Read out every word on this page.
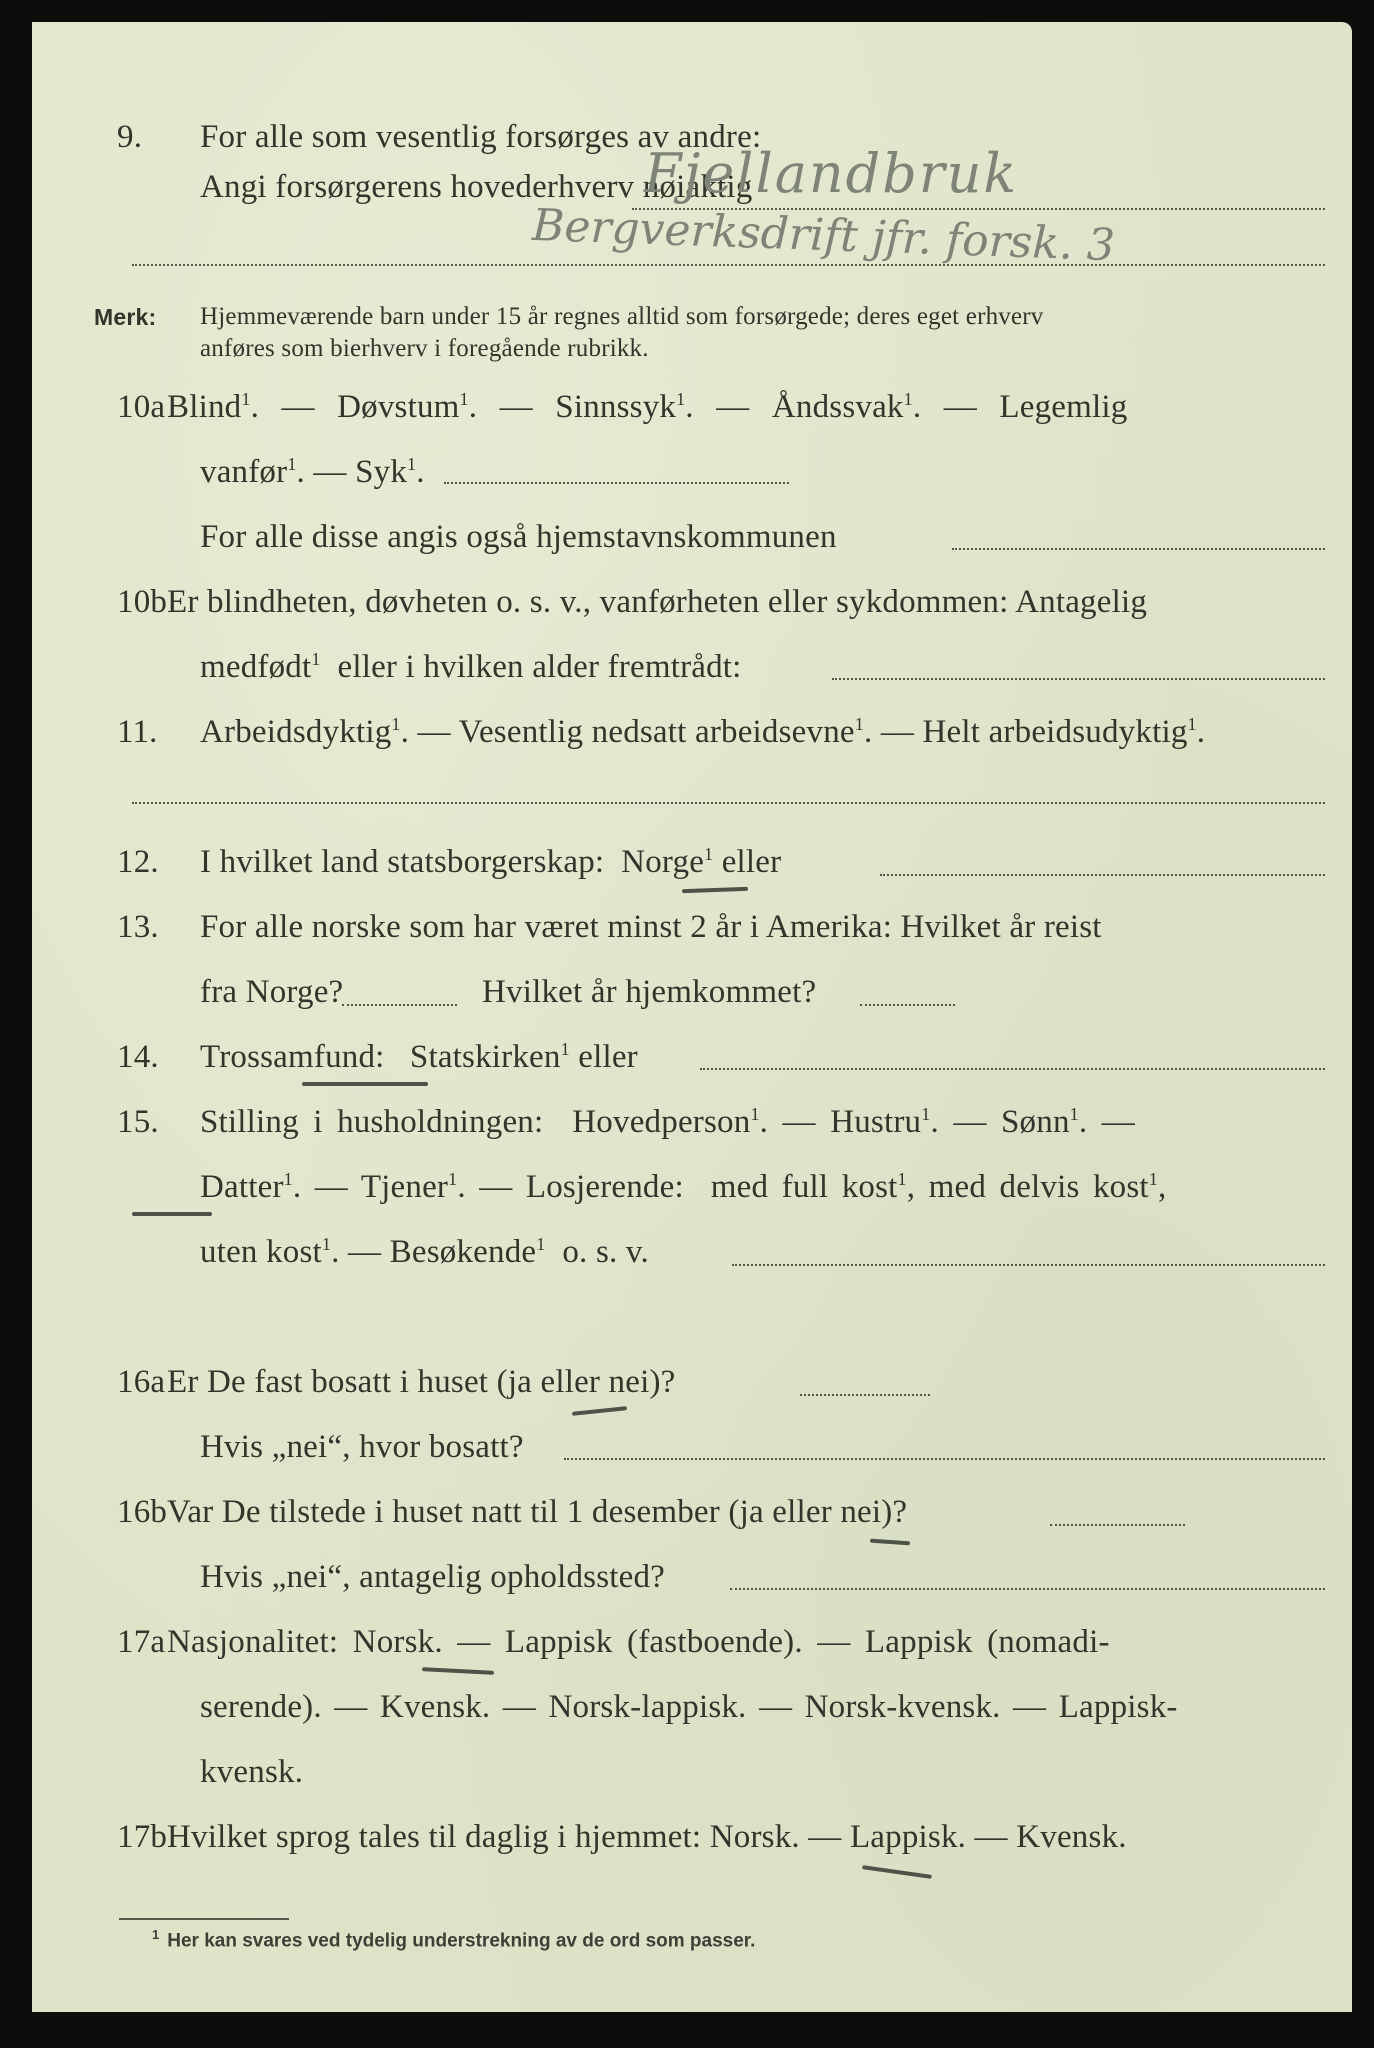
9. For alle som vesentlig forsørges av andre:
Angi forsørgerens hovederhverv nøiaktig
Fjellandbruk
Bergverksdrift jfr. forsk. 3
Merk: Hjemmeværende barn under 15 år regnes alltid som forsørgede; deres eget erhverv
anføres som bierhverv i foregående rubrikk.
10a Blind$^1$. — Døvstum$^1$. — Sinnssyk$^1$. — Åndssvak$^1$. — Legemlig
vanfør$^1$. — Syk$^1$.
For alle disse angis også hjemstavnskommunen
10b Er blindheten, døvheten o. s. v., vanførheten eller sykdommen: Antagelig
medfødt$^1$ eller i hvilken alder fremtrådt:
11. Arbeidsdyktig$^1$. — Vesentlig nedsatt arbeidsevne$^1$. — Helt arbeidsudyktig$^1$.
12. I hvilket land statsborgerskap: Norge$^1$ eller
13. For alle norske som har været minst 2 år i Amerika: Hvilket år reist
fra Norge?	Hvilket år hjemkommet?
14. Trossamfund: Statskirken$^1$ eller
15. Stilling i husholdningen: Hovedperson$^1$. — Hustru$^1$. — Sønn$^1$. —
Datter$^1$. — Tjener$^1$. — Losjerende: med full kost$^1$, med delvis kost$^1$,
uten kost$^1$. — Besøkende$^1$ o. s. v.
16a Er De fast bosatt i huset (ja eller nei)?
Hvis „nei“, hvor bosatt?
16b Var De tilstede i huset natt til 1 desember (ja eller nei)?
Hvis „nei“, antagelig opholdssted?
17a Nasjonalitet: Norsk. — Lappisk (fastboende). — Lappisk (nomadi-
serende). — Kvensk. — Norsk-lappisk. — Norsk-kvensk. — Lappisk-
kvensk.
17b Hvilket sprog tales til daglig i hjemmet: Norsk. — Lappisk. — Kvensk.
$^1$ Her kan svares ved tydelig understrekning av de ord som passer.
